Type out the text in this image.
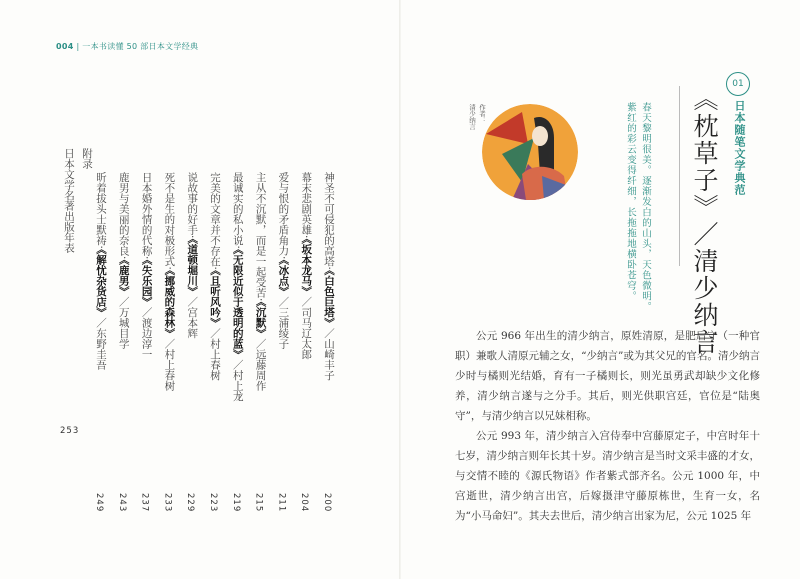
004 | 一本书读懂 50 部日本文学经典
神圣不可侵犯的高塔·《白色巨塔》／山崎丰子
200
幕末悲剧英雄·《坂本龙马》／司马辽太郎
204
爱与恨的矛盾角力·《冰点》／三浦绫子
211
主从不沉默，而是一起受苦·《沉默》／远藤周作
215
最诚实的私小说·《无限近似于透明的蓝》／村上龙
219
完美的文章并不存在·《且听风吟》／村上春树
223
说故事的好手·《道顿堀川》／宫本辉
229
死不是生的对极形式·《挪威的森林》／村上春树
233
日本婚外情的代称·《失乐园》／渡边淳一
237
鹿男与美丽的奈良·《鹿男》／万城目学
243
昕着拔头士默祷·《解忧杂货店》／东野圭吾
249
附录
日本文学名著出版年表
253
01
日本随笔文学典范
春天黎明很美。逐渐发白的山头，天色微明。
紫红的彩云变得纤细，长拖拖地横卧苍穹。	《枕草子》／清少纳言
作者：
清少纳言

公元 966 年出生的清少纳言，原姓清原，是肥后守（一种官职）兼歌人清原元辅之女，“少纳言”或为其父兄的官名。清少纳言少时与橘则光结婚，育有一子橘则长，则光虽勇武却缺少文化修养，清少纳言遂与之分手。其后，则光供职宫廷，官位是“陆奥守”，与清少纳言以兄妹相称。

公元 993 年，清少纳言入宫侍奉中宫藤原定子，中宫时年十七岁，清少纳言则年长其十岁。清少纳言是当时文采丰盛的才女，与交情不睦的《源氏物语》作者紫式部齐名。公元 1000 年，中宫逝世，清少纳言出宫，后嫁摄津守藤原栋世，生育一女，名为“小马命妇”。其夫去世后，清少纳言出家为尼，公元 1025 年
